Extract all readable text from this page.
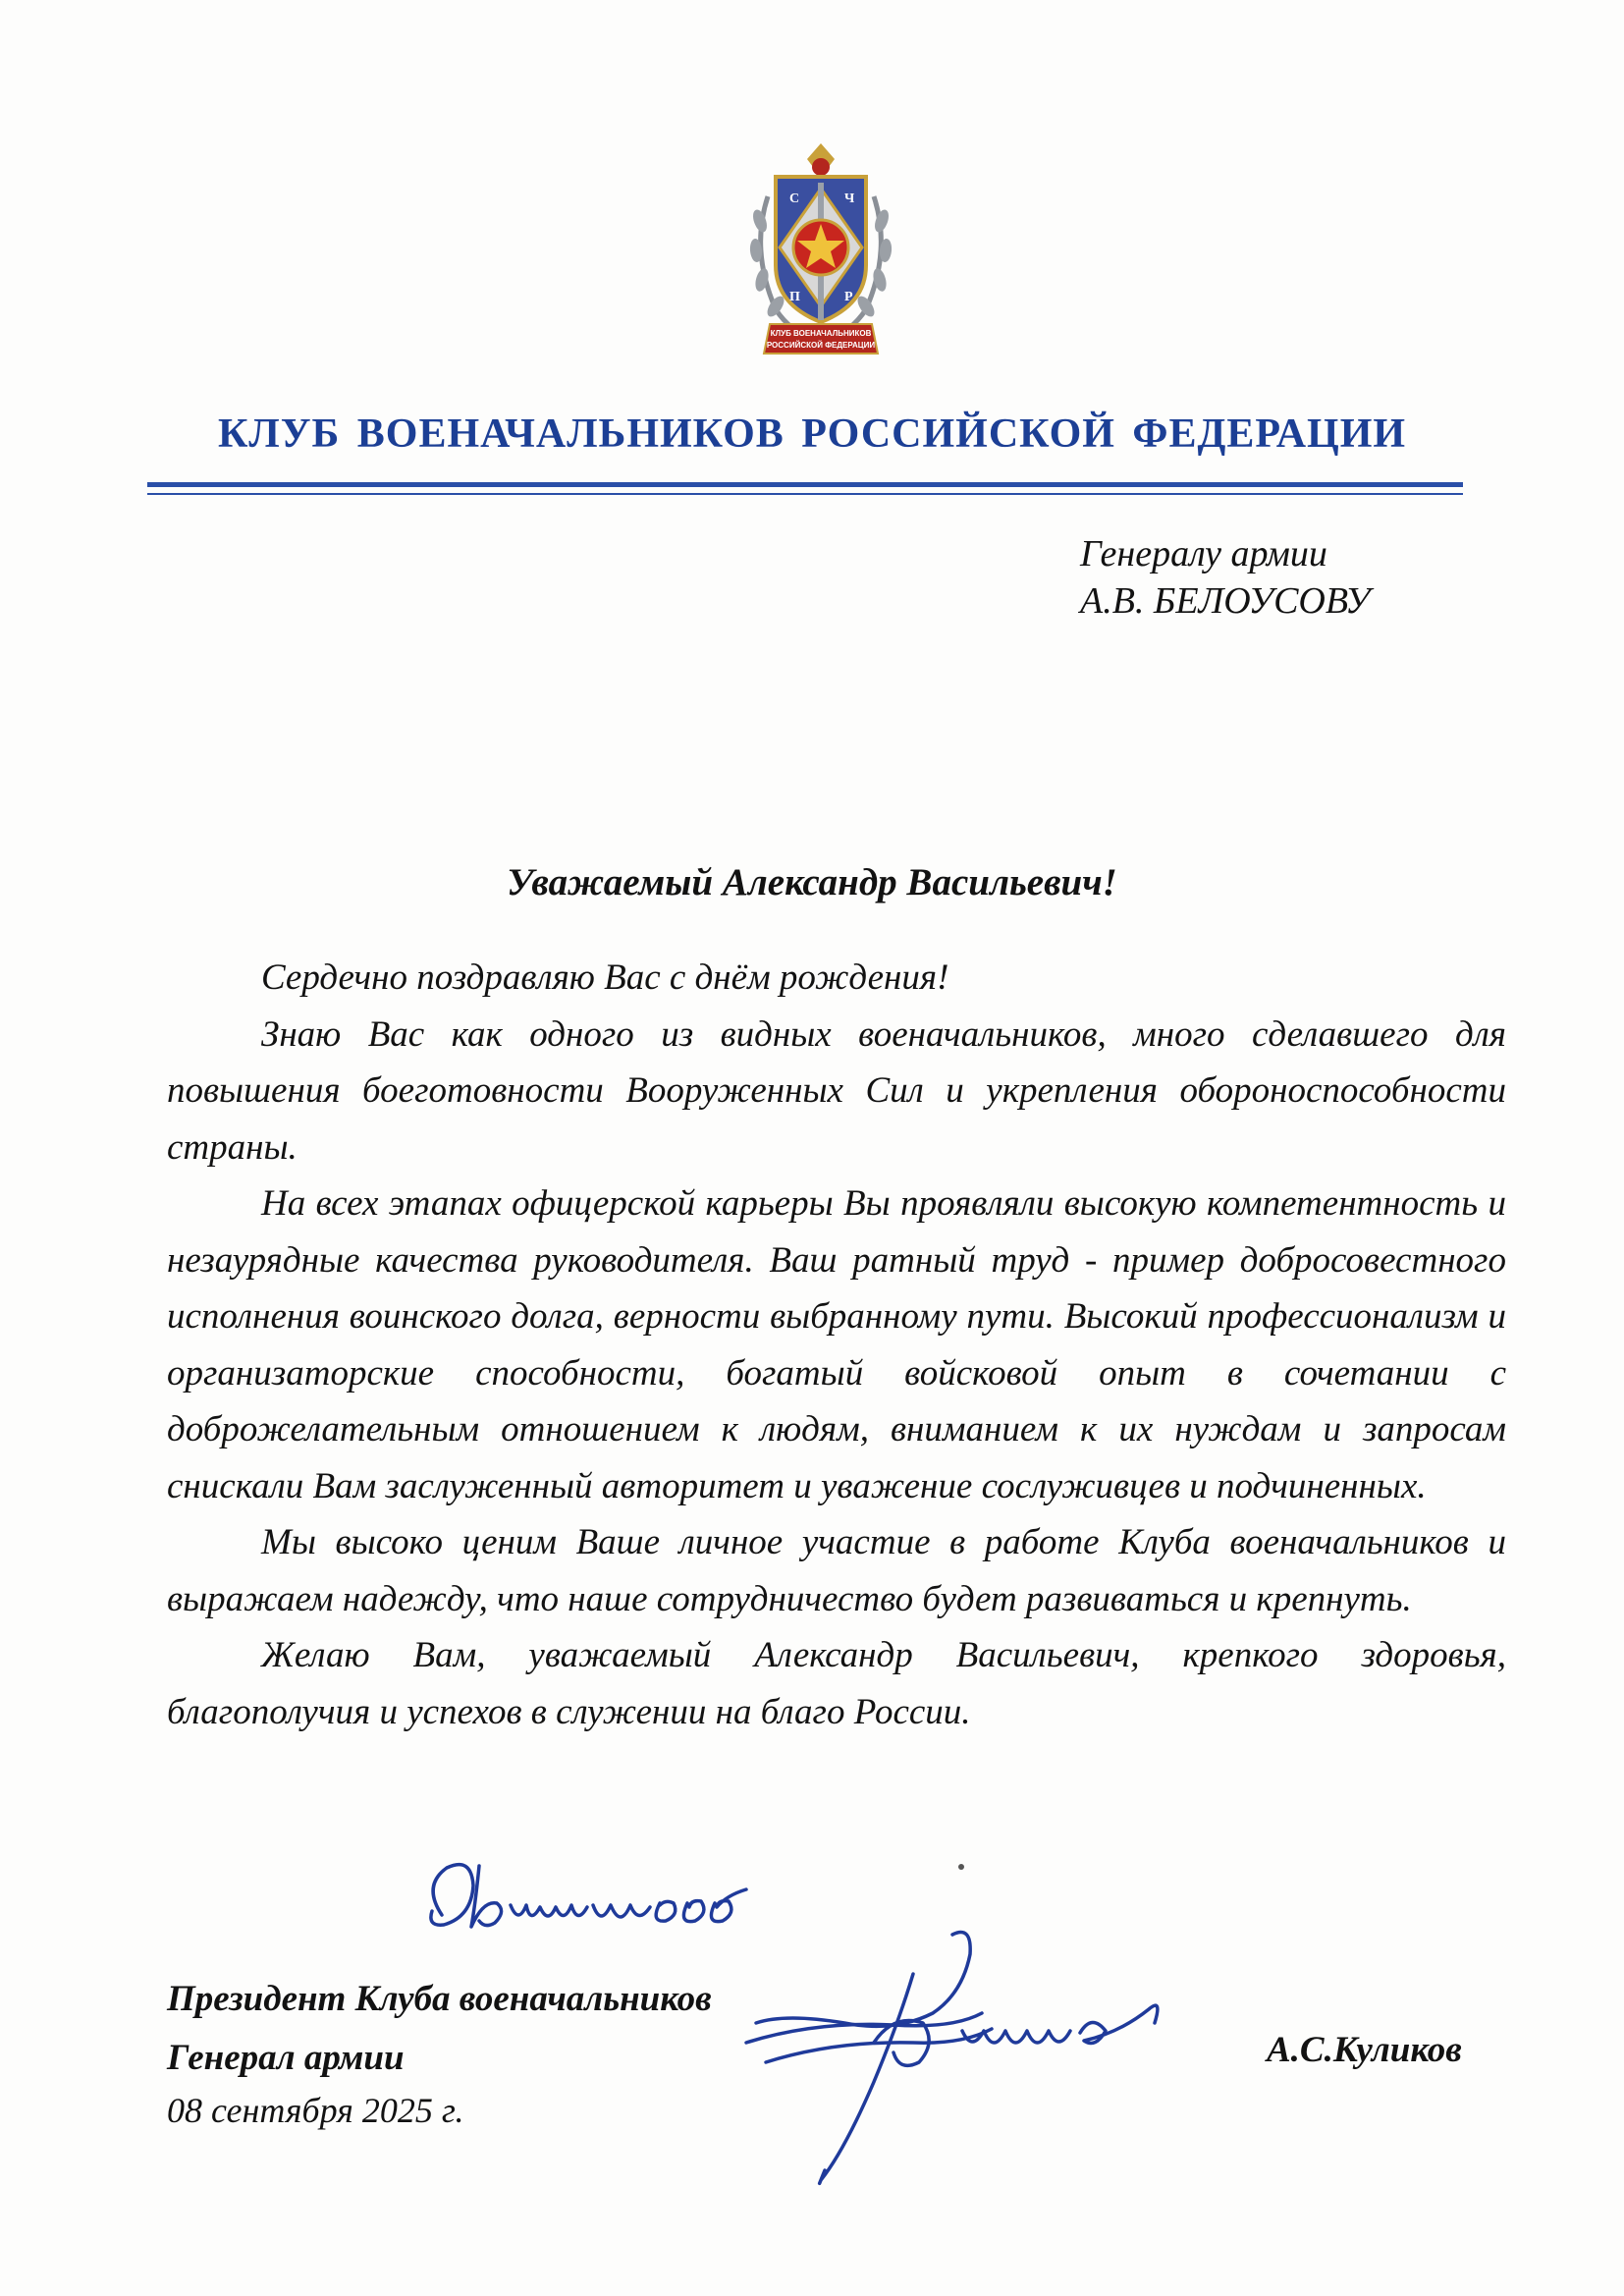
С	Ч
П	Р
КЛУБ ВОЕНАЧАЛЬНИКОВ
РОССИЙСКОЙ ФЕДЕРАЦИИ
КЛУБ ВОЕНАЧАЛЬНИКОВ РОССИЙСКОЙ ФЕДЕРАЦИИ
Генералу армии
А.В. БЕЛОУСОВУ
Уважаемый Александр Васильевич!

Сердечно поздравляю Вас с днём рождения!

Знаю Вас как одного из видных военачальников, много сделавшего для повышения боеготовности Вооруженных Сил и укрепления обороноспособности страны.

На всех этапах офицерской карьеры Вы проявляли высокую компетентность и незаурядные качества руководителя. Ваш ратный труд - пример добросовестного исполнения воинского долга, верности выбранному пути. Высокий профессионализм и организаторские способности, богатый войсковой опыт в сочетании с доброжелательным отношением к людям, вниманием к их нуждам и запросам снискали Вам заслуженный авторитет и уважение сослуживцев и подчиненных.

Мы высоко ценим Ваше личное участие в работе Клуба военачальников и выражаем надежду, что наше сотрудничество будет развиваться и крепнуть.

Желаю Вам, уважаемый Александр Васильевич, крепкого здоровья, благополучия и успехов в служении на благо России.

Президент Клуба военачальников
Генерал армии
08 сентября 2025 г.
А.С.Куликов
